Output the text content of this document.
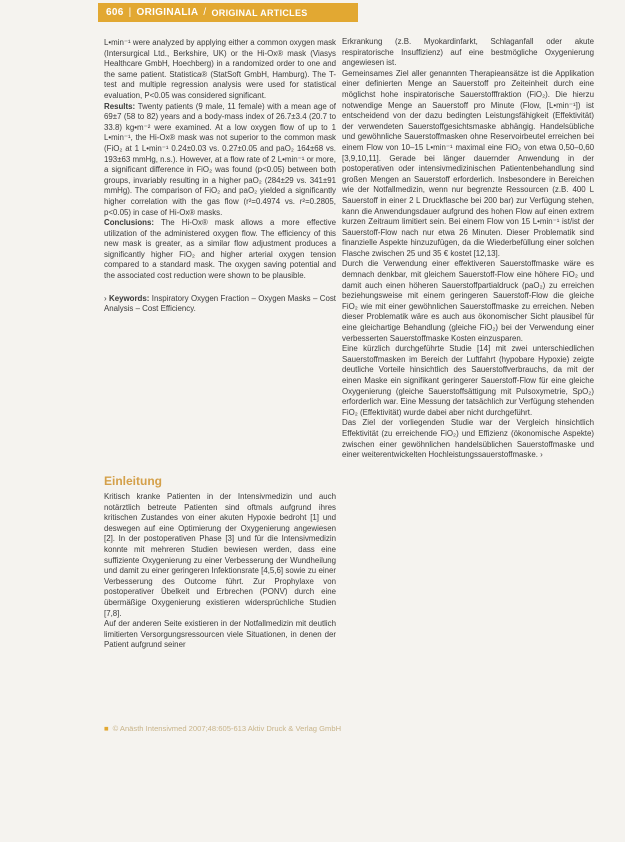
606 | ORIGINALIA / ORIGINAL ARTICLES

L•min⁻¹ were analyzed by applying either a common oxygen mask (Intersurgical Ltd., Berkshire, UK) or the Hi-Ox® mask (Viasys Healthcare GmbH, Hoechberg) in a randomized order to one and the same patient. Statistica® (StatSoft GmbH, Hamburg). The T-test and multiple regression analysis were used for statistical evaluation, P<0.05 was considered significant.

Results: Twenty patients (9 male, 11 female) with a mean age of 69±7 (58 to 82) years and a body-mass index of 26.7±3.4 (20.7 to 33.8) kg•m⁻² were examined. At a low oxygen flow of up to 1 L•min⁻¹, the Hi-Ox® mask was not superior to the common mask (FiO₂ at 1 L•min⁻¹ 0.24±0.03 vs. 0.27±0.05 and paO₂ 164±68 vs. 193±63 mmHg, n.s.). However, at a flow rate of 2 L•min⁻¹ or more, a significant difference in FiO₂ was found (p<0.05) between both groups, invariably resulting in a higher paO₂ (284±29 vs. 341±91 mmHg). The comparison of FiO₂ and paO₂ yielded a significantly higher correlation with the gas flow (r²=0.4974 vs. r²=0.2805, p<0.05) in case of Hi-Ox® masks.

Conclusions: The Hi-Ox® mask allows a more effective utilization of the administered oxygen flow. The efficiency of this new mask is greater, as a similar flow adjustment produces a significantly higher FiO₂ and higher arterial oxygen tension compared to a standard mask. The oxygen saving potential and the associated cost reduction were shown to be plausible.

› Keywords: Inspiratory Oxygen Fraction – Oxygen Masks – Cost Analysis – Cost Efficiency.

Einleitung

Kritisch kranke Patienten in der Intensivmedizin und auch notärztlich betreute Patienten sind oftmals aufgrund ihres kritischen Zustandes von einer akuten Hypoxie bedroht [1] und deswegen auf eine Optimierung der Oxygenierung angewiesen [2]. In der postoperativen Phase [3] und für die Intensivmedizin konnte mit mehreren Studien bewiesen werden, dass eine suffiziente Oxygenierung zu einer Verbesserung der Wundheilung und damit zu einer geringeren Infektionsrate [4,5,6] sowie zu einer Verbesserung des Outcome führt. Zur Prophylaxe von postoperativer Übelkeit und Erbrechen (PONV) durch eine übermäßige Oxygenierung existieren widersprüchliche Studien [7,8].

Auf der anderen Seite existieren in der Notfallmedizin mit deutlich limitierten Versorgungsressourcen viele Situationen, in denen der Patient aufgrund seiner

Erkrankung (z.B. Myokardinfarkt, Schlaganfall oder akute respiratorische Insuffizienz) auf eine bestmögliche Oxygenierung angewiesen ist.

Gemeinsames Ziel aller genannten Therapieansätze ist die Applikation einer definierten Menge an Sauerstoff pro Zeiteinheit durch eine möglichst hohe inspiratorische Sauerstofffraktion (FiO₂). Die hierzu notwendige Menge an Sauerstoff pro Minute (Flow, [L•min⁻¹]) ist entscheidend von der dazu bedingten Leistungsfähigkeit (Effektivität) der verwendeten Sauerstoffgesichtsmaske abhängig. Handelsübliche und gewöhnliche Sauerstoffmasken ohne Reservoirbeutel erreichen bei einem Flow von 10–15 L•min⁻¹ maximal eine FiO₂ von etwa 0,50–0,60 [3,9,10,11]. Gerade bei länger dauernder Anwendung in der postoperativen oder intensivmedizinischen Patientenbehandlung sind großen Mengen an Sauerstoff erforderlich. Insbesondere in Bereichen wie der Notfallmedizin, wenn nur begrenzte Ressourcen (z.B. 400 L Sauerstoff in einer 2 L Druckflasche bei 200 bar) zur Verfügung stehen, kann die Anwendungsdauer aufgrund des hohen Flow auf einen extrem kurzen Zeitraum limitiert sein. Bei einem Flow von 15 L•min⁻¹ ist/ist der Sauerstoff-Flow nach nur etwa 26 Minuten. Dieser Problematik sind finanzielle Aspekte hinzuzufügen, da die Wiederbefüllung einer solchen Flasche zwischen 25 und 35 € kostet [12,13].

Durch die Verwendung einer effektiveren Sauerstoffmaske wäre es demnach denkbar, mit gleichem Sauerstoff-Flow eine höhere FiO₂ und damit auch einen höheren Sauerstoffpartialdruck (paO₂) zu erreichen beziehungsweise mit einem geringeren Sauerstoff-Flow die gleiche FiO₂ wie mit einer gewöhnlichen Sauerstoffmaske zu erreichen. Neben dieser Problematik wäre es auch aus ökonomischer Sicht plausibel für eine gleichartige Behandlung (gleiche FiO₂) bei der Verwendung einer verbesserten Sauerstoffmaske Kosten einzusparen.

Eine kürzlich durchgeführte Studie [14] mit zwei unterschiedlichen Sauerstoffmasken im Bereich der Luftfahrt (hypobare Hypoxie) zeigte deutliche Vorteile hinsichtlich des Sauerstoffverbrauchs, da mit der einen Maske ein signifikant geringerer Sauerstoff-Flow für eine gleiche Oxygenierung (gleiche Sauerstoffsättigung mit Pulsoxymetrie, SpO₂) erforderlich war. Eine Messung der tatsächlich zur Verfügung stehenden FiO₂ (Effektivität) wurde dabei aber nicht durchgeführt.

Das Ziel der vorliegenden Studie war der Vergleich hinsichtlich Effektivität (zu erreichende FiO₂) und Effizienz (ökonomische Aspekte) zwischen einer gewöhnlichen handelsüblichen Sauerstoffmaske und einer weiterentwickelten Hochleistungssauerstoffmaske. ›

■ © Anästh Intensivmed 2007;48:605-613 Aktiv Druck & Verlag GmbH
